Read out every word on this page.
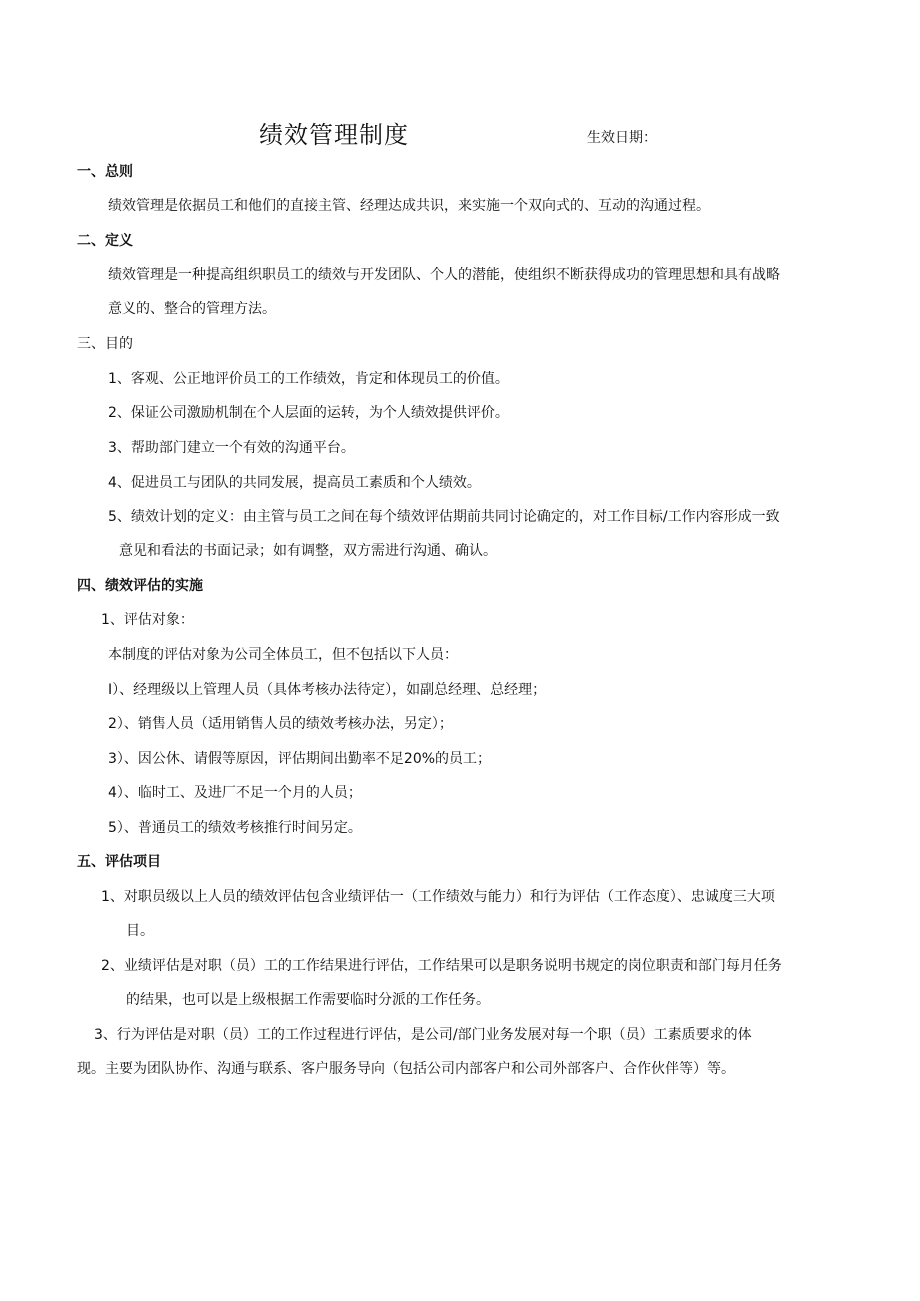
绩效管理制度	生效日期：
一、总则
绩效管理是依据员工和他们的直接主管、经理达成共识，来实施一个双向式的、互动的沟通过程。
二、定义
绩效管理是一种提高组织职员工的绩效与开发团队、个人的潜能，使组织不断获得成功的管理思想和具有战略
意义的、整合的管理方法。
三、目的
1、客观、公正地评价员工的工作绩效，肯定和体现员工的价值。
2、保证公司激励机制在个人层面的运转，为个人绩效提供评价。
3、帮助部门建立一个有效的沟通平台。
4、促进员工与团队的共同发展，提高员工素质和个人绩效。
5、绩效计划的定义：由主管与员工之间在每个绩效评估期前共同讨论确定的，对工作目标/工作内容形成一致
意见和看法的书面记录；如有调整，双方需进行沟通、确认。
四、绩效评估的实施
1、评估对象：
本制度的评估对象为公司全体员工，但不包括以下人员：
I）、经理级以上管理人员（具体考核办法待定），如副总经理、总经理；
2）、销售人员（适用销售人员的绩效考核办法，另定）；
3）、因公休、请假等原因，评估期间出勤率不足20%的员工；
4）、临时工、及进厂不足一个月的人员；
5）、普通员工的绩效考核推行时间另定。
五、评估项目
1、对职员级以上人员的绩效评估包含业绩评估一（工作绩效与能力）和行为评估（工作态度）、忠诚度三大项
目。
2、业绩评估是对职（员）工的工作结果进行评估，工作结果可以是职务说明书规定的岗位职责和部门每月任务
的结果，也可以是上级根据工作需要临时分派的工作任务。
3、行为评估是对职（员）工的工作过程进行评估，是公司/部门业务发展对每一个职（员）工素质要求的体
现。主要为团队协作、沟通与联系、客户服务导向（包括公司内部客户和公司外部客户、合作伙伴等）等。
